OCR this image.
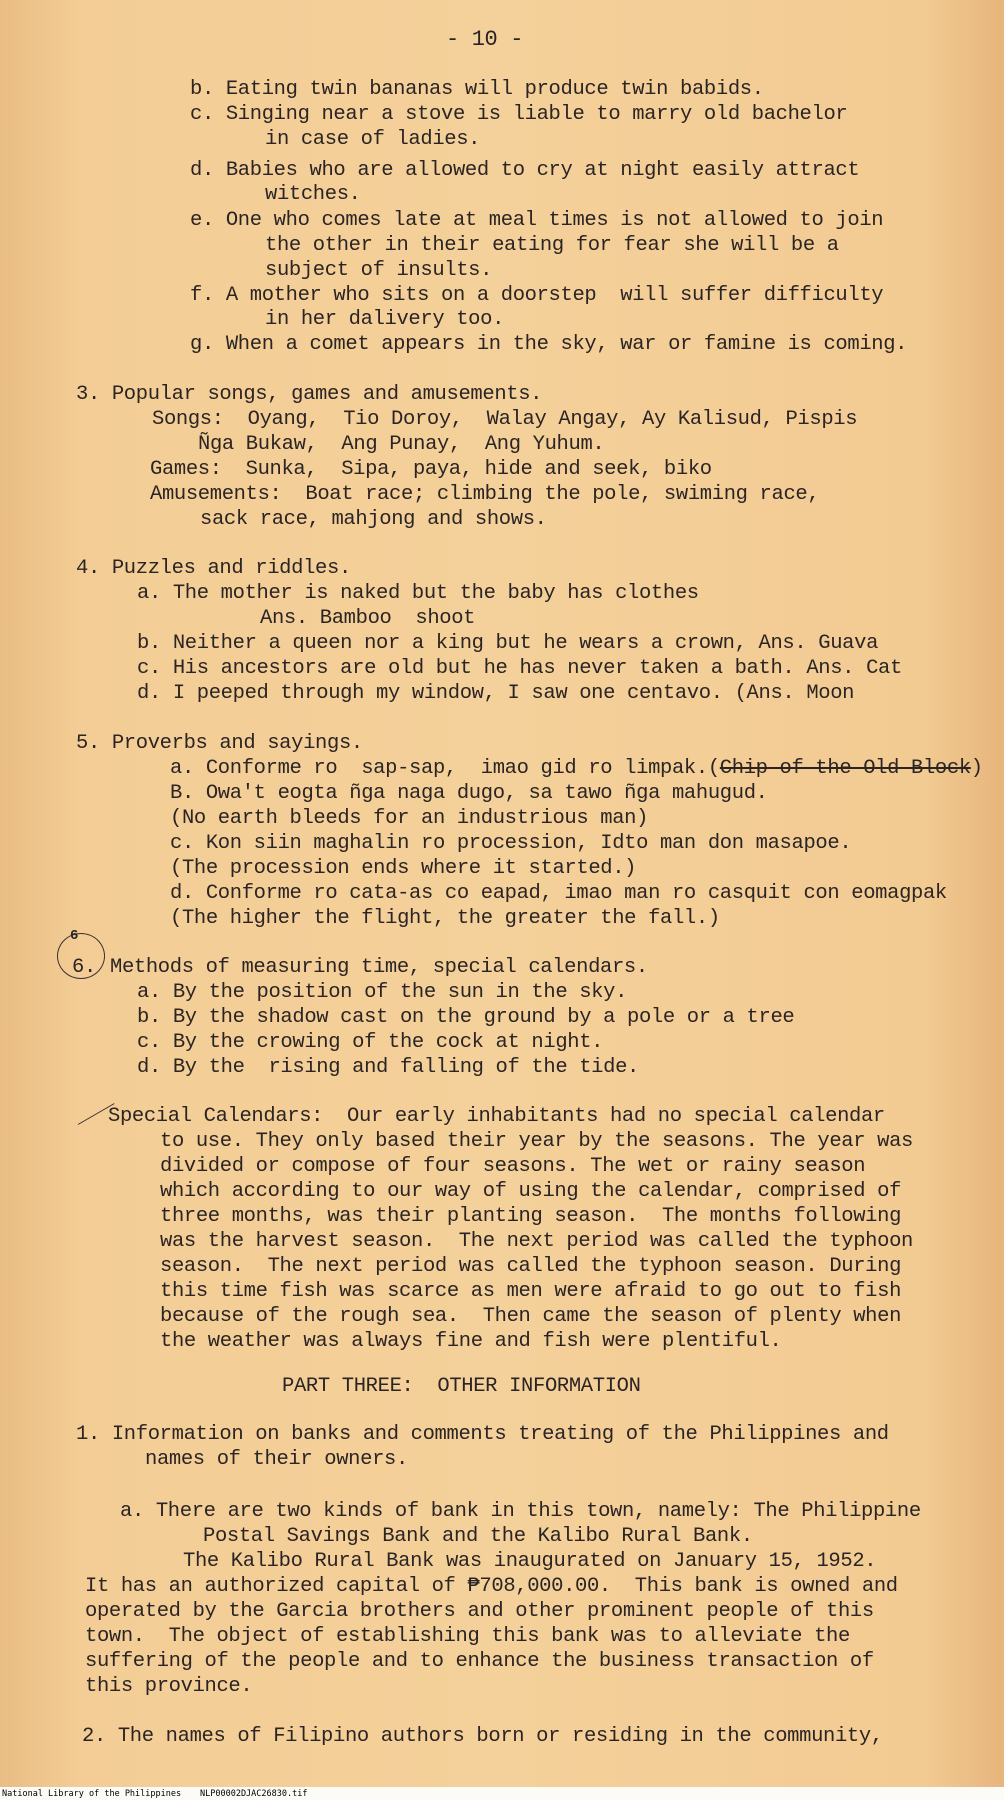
- 10 -
b. Eating twin bananas will produce twin babids.
c. Singing near a stove is liable to marry old bachelor
in case of ladies.
d. Babies who are allowed to cry at night easily attract
witches.
e. One who comes late at meal times is not allowed to join
the other in their eating for fear she will be a
subject of insults.
f. A mother who sits on a doorstep  will suffer difficulty
in her dalivery too.
g. When a comet appears in the sky, war or famine is coming.
3. Popular songs, games and amusements.
Songs:  Oyang,  Tio Doroy,  Walay Angay, Ay Kalisud, Pispis
Ñga Bukaw,  Ang Punay,  Ang Yuhum.
Games:  Sunka,  Sipa, paya, hide and seek, biko
Amusements:  Boat race; climbing the pole, swiming race,
sack race, mahjong and shows.
4. Puzzles and riddles.
a. The mother is naked but the baby has clothes
Ans. Bamboo  shoot
b. Neither a queen nor a king but he wears a crown, Ans. Guava
c. His ancestors are old but he has never taken a bath. Ans. Cat
d. I peeped through my window, I saw one centavo. (Ans. Moon
5. Proverbs and sayings.
a. Conforme ro  sap-sap,  imao gid ro limpak.(Chip of the Old Block)
B. Owa't eogta ñga naga dugo, sa tawo ñga mahugud.
(No earth bleeds for an industrious man)
c. Kon siin maghalin ro procession, Idto man don masapoe.
(The procession ends where it started.)
d. Conforme ro cata-as co eapad, imao man ro casquit con eomagpak
(The higher the flight, the greater the fall.)
6
6. Methods of measuring time, special calendars.
a. By the position of the sun in the sky.
b. By the shadow cast on the ground by a pole or a tree
c. By the crowing of the cock at night.
d. By the  rising and falling of the tide.
Special Calendars:  Our early inhabitants had no special calendar
to use. They only based their year by the seasons. The year was
divided or compose of four seasons. The wet or rainy season
which according to our way of using the calendar, comprised of
three months, was their planting season.  The months following
was the harvest season.  The next period was called the typhoon
season.  The next period was called the typhoon season. During
this time fish was scarce as men were afraid to go out to fish
because of the rough sea.  Then came the season of plenty when
the weather was always fine and fish were plentiful.
PART THREE:  OTHER INFORMATION
1. Information on banks and comments treating of the Philippines and
names of their owners.
a. There are two kinds of bank in this town, namely: The Philippine
Postal Savings Bank and the Kalibo Rural Bank.
The Kalibo Rural Bank was inaugurated on January 15, 1952.
It has an authorized capital of ₱708,000.00.  This bank is owned and
operated by the Garcia brothers and other prominent people of this
town.  The object of establishing this bank was to alleviate the
suffering of the people and to enhance the business transaction of
this province.
2. The names of Filipino authors born or residing in the community,
National Library of the Philippines NLP00002DJAC26830.tif
